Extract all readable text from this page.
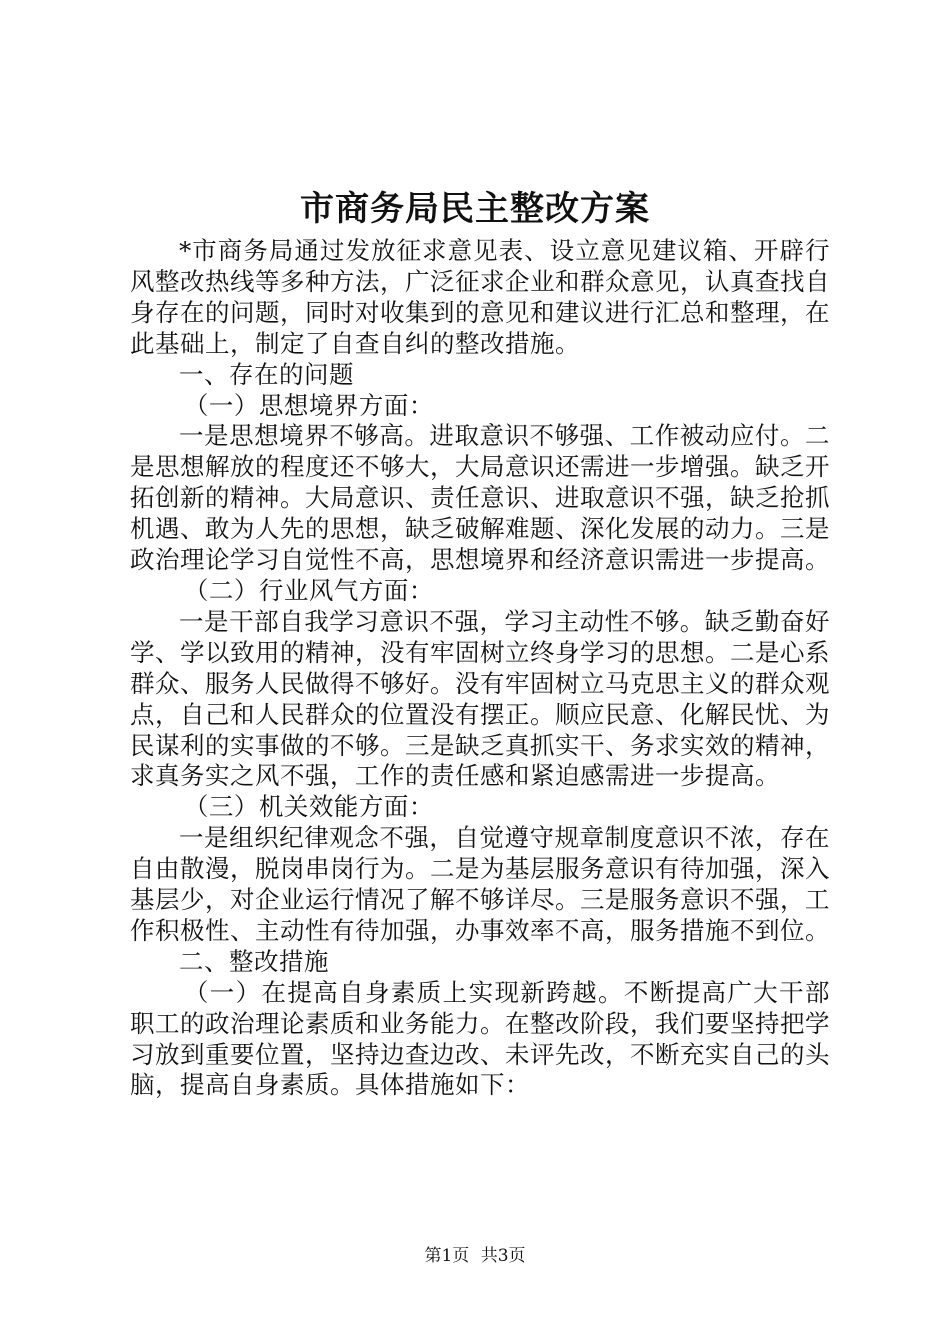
市商务局民主整改方案

*市商务局通过发放征求意见表、设立意见建议箱、开辟行风整改热线等多种方法，广泛征求企业和群众意见，认真查找自身存在的问题，同时对收集到的意见和建议进行汇总和整理，在此基础上，制定了自查自纠的整改措施。

一、存在的问题

（一）思想境界方面：

一是思想境界不够高。进取意识不够强、工作被动应付。二是思想解放的程度还不够大，大局意识还需进一步增强。缺乏开拓创新的精神。大局意识、责任意识、进取意识不强，缺乏抢抓机遇、敢为人先的思想，缺乏破解难题、深化发展的动力。三是政治理论学习自觉性不高，思想境界和经济意识需进一步提高。

（二）行业风气方面：

一是干部自我学习意识不强，学习主动性不够。缺乏勤奋好学、学以致用的精神，没有牢固树立终身学习的思想。二是心系群众、服务人民做得不够好。没有牢固树立马克思主义的群众观点，自己和人民群众的位置没有摆正。顺应民意、化解民忧、为民谋利的实事做的不够。三是缺乏真抓实干、务求实效的精神，求真务实之风不强，工作的责任感和紧迫感需进一步提高。

（三）机关效能方面：

一是组织纪律观念不强，自觉遵守规章制度意识不浓，存在自由散漫，脱岗串岗行为。二是为基层服务意识有待加强，深入基层少，对企业运行情况了解不够详尽。三是服务意识不强，工作积极性、主动性有待加强，办事效率不高，服务措施不到位。

二、整改措施

（一）在提高自身素质上实现新跨越。不断提高广大干部职工的政治理论素质和业务能力。在整改阶段，我们要坚持把学习放到重要位置，坚持边查边改、未评先改，不断充实自己的头脑，提高自身素质。具体措施如下：

第1页 共3页
